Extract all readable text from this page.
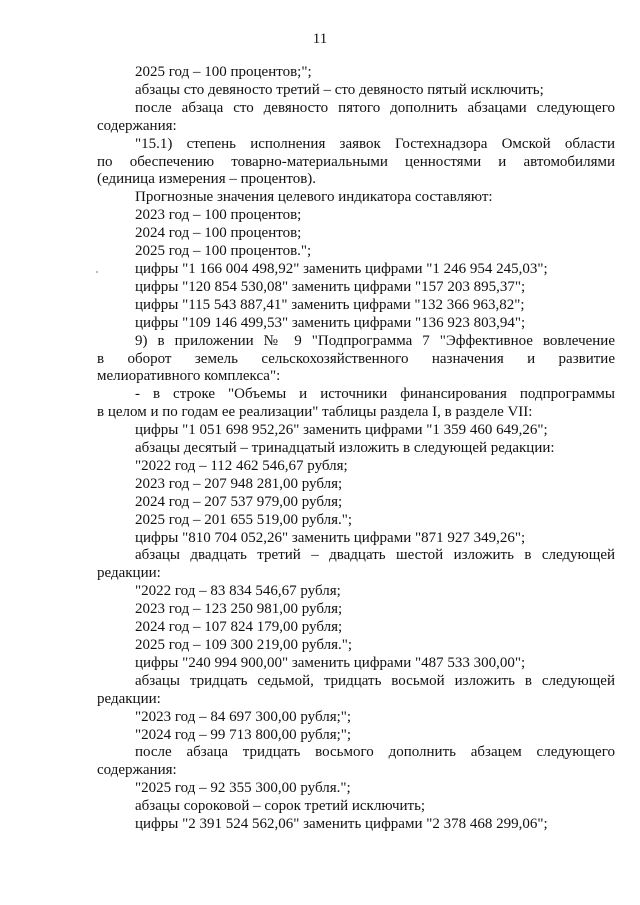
11

2025 год – 100 процентов;";

абзацы сто девяносто третий – сто девяносто пятый исключить;

после абзаца сто девяносто пятого дополнить абзацами следующего

содержания:

"15.1) степень исполнения заявок Гостехнадзора Омской области

по обеспечению товарно-материальными ценностями и автомобилями

(единица измерения – процентов).

Прогнозные значения целевого индикатора составляют:

2023 год – 100 процентов;

2024 год – 100 процентов;

2025 год – 100 процентов.";

цифры "1 166 004 498,92" заменить цифрами "1 246 954 245,03";

цифры "120 854 530,08" заменить цифрами "157 203 895,37";

цифры "115 543 887,41" заменить цифрами "132 366 963,82";

цифры "109 146 499,53" заменить цифрами "136 923 803,94";

9) в приложении № 9 "Подпрограмма 7 "Эффективное вовлечение

в оборот земель сельскохозяйственного назначения и развитие

мелиоративного комплекса":

- в строке "Объемы и источники финансирования подпрограммы

в целом и по годам ее реализации" таблицы раздела I, в разделе VII:

цифры "1 051 698 952,26" заменить цифрами "1 359 460 649,26";

абзацы десятый – тринадцатый изложить в следующей редакции:

"2022 год – 112 462 546,67 рубля;

2023 год – 207 948 281,00 рубля;

2024 год – 207 537 979,00 рубля;

2025 год – 201 655 519,00 рубля.";

цифры "810 704 052,26" заменить цифрами "871 927 349,26";

абзацы двадцать третий – двадцать шестой изложить в следующей

редакции:

"2022 год – 83 834 546,67 рубля;

2023 год – 123 250 981,00 рубля;

2024 год – 107 824 179,00 рубля;

2025 год – 109 300 219,00 рубля.";

цифры "240 994 900,00" заменить цифрами "487 533 300,00";

абзацы тридцать седьмой, тридцать восьмой изложить в следующей

редакции:

"2023 год – 84 697 300,00 рубля;";

"2024 год – 99 713 800,00 рубля;";

после абзаца тридцать восьмого дополнить абзацем следующего

содержания:

"2025 год – 92 355 300,00 рубля.";

абзацы сороковой – сорок третий исключить;

цифры "2 391 524 562,06" заменить цифрами "2 378 468 299,06";
